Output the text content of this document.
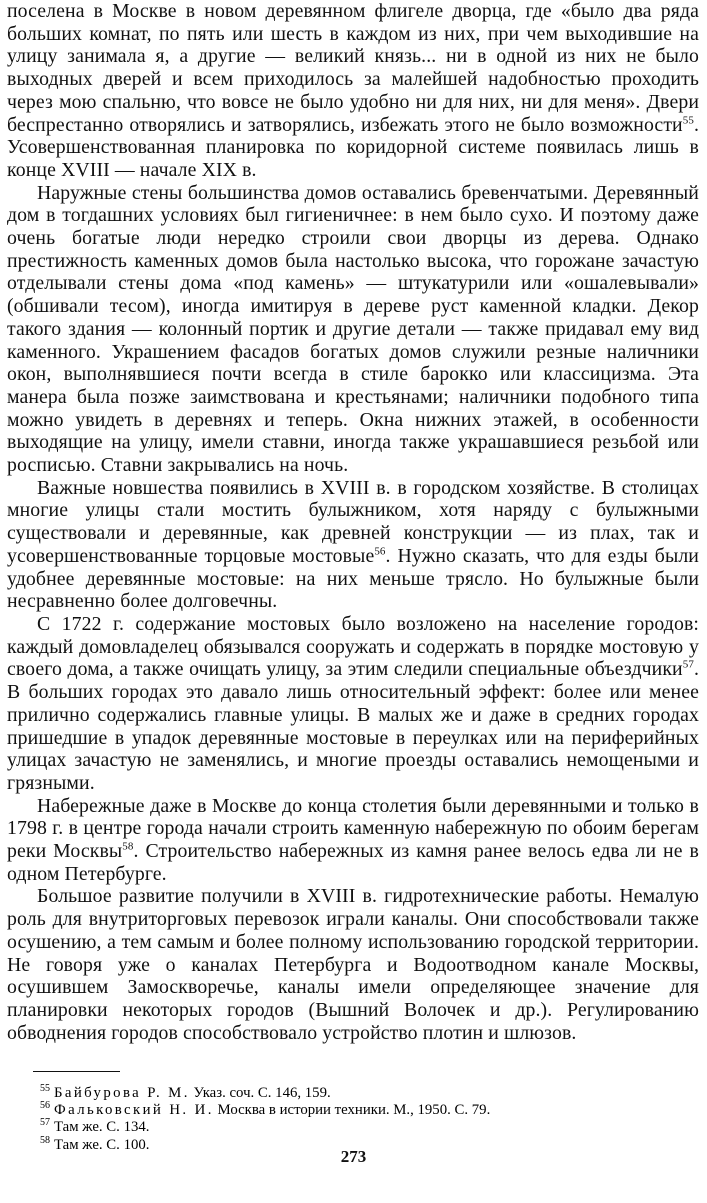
поселена в Москве в новом деревянном флигеле дворца, где «было два ряда больших комнат, по пять или шесть в каждом из них, при чем выходившие на улицу занимала я, а другие — великий князь... ни в одной из них не было выходных дверей и всем приходилось за малейшей надобностью проходить через мою спальню, что вовсе не было удобно ни для них, ни для меня». Двери беспрестанно отворялись и затворялись, избежать этого не было возможности$^{55}$. Усовершенствованная планировка по коридорной системе появилась лишь в конце XVIII — начале XIX в.

Наружные стены большинства домов оставались бревенчатыми. Деревянный дом в тогдашних условиях был гигиеничнее: в нем было сухо. И поэтому даже очень богатые люди нередко строили свои дворцы из дерева. Однако престижность каменных домов была настолько высока, что горожане зачастую отделывали стены дома «под камень» — штукатурили или «ошалевывали» (обшивали тесом), иногда имитируя в дереве руст каменной кладки. Декор такого здания — колонный портик и другие детали — также придавал ему вид каменного. Украшением фасадов богатых домов служили резные наличники окон, выполнявшиеся почти всегда в стиле барокко или классицизма. Эта манера была позже заимствована и крестьянами; наличники подобного типа можно увидеть в деревнях и теперь. Окна нижних этажей, в особенности выходящие на улицу, имели ставни, иногда также украшавшиеся резьбой или росписью. Ставни закрывались на ночь.

Важные новшества появились в XVIII в. в городском хозяйстве. В столицах многие улицы стали мостить булыжником, хотя наряду с булыжными существовали и деревянные, как древней конструкции — из плах, так и усовершенствованные торцовые мостовые$^{56}$. Нужно сказать, что для езды были удобнее деревянные мостовые: на них меньше трясло. Но булыжные были несравненно более долговечны.

С 1722 г. содержание мостовых было возложено на население городов: каждый домовладелец обязывался сооружать и содержать в порядке мостовую у своего дома, а также очищать улицу, за этим следили специальные объездчики$^{57}$. В больших городах это давало лишь относительный эффект: более или менее прилично содержались главные улицы. В малых же и даже в средних городах пришедшие в упадок деревянные мостовые в переулках или на периферийных улицах зачастую не заменялись, и многие проезды оставались немощеными и грязными.

Набережные даже в Москве до конца столетия были деревянными и только в 1798 г. в центре города начали строить каменную набережную по обоим берегам реки Москвы$^{58}$. Строительство набережных из камня ранее велось едва ли не в одном Петербурге.

Большое развитие получили в XVIII в. гидротехнические работы. Немалую роль для внутриторговых перевозок играли каналы. Они способствовали также осушению, а тем самым и более полному использованию городской территории. Не говоря уже о каналах Петербурга и Водоотводном канале Москвы, осушившем Замоскворечье, каналы имели определяющее значение для планировки некоторых городов (Вышний Волочек и др.). Регулированию обводнения городов способствовало устройство плотин и шлюзов.

$^{55}$ Байбурова Р. М. Указ. соч. С. 146, 159.
$^{56}$ Фальковский Н. И. Москва в истории техники. М., 1950. С. 79.
$^{57}$ Там же. С. 134.
$^{58}$ Там же. С. 100.
273
